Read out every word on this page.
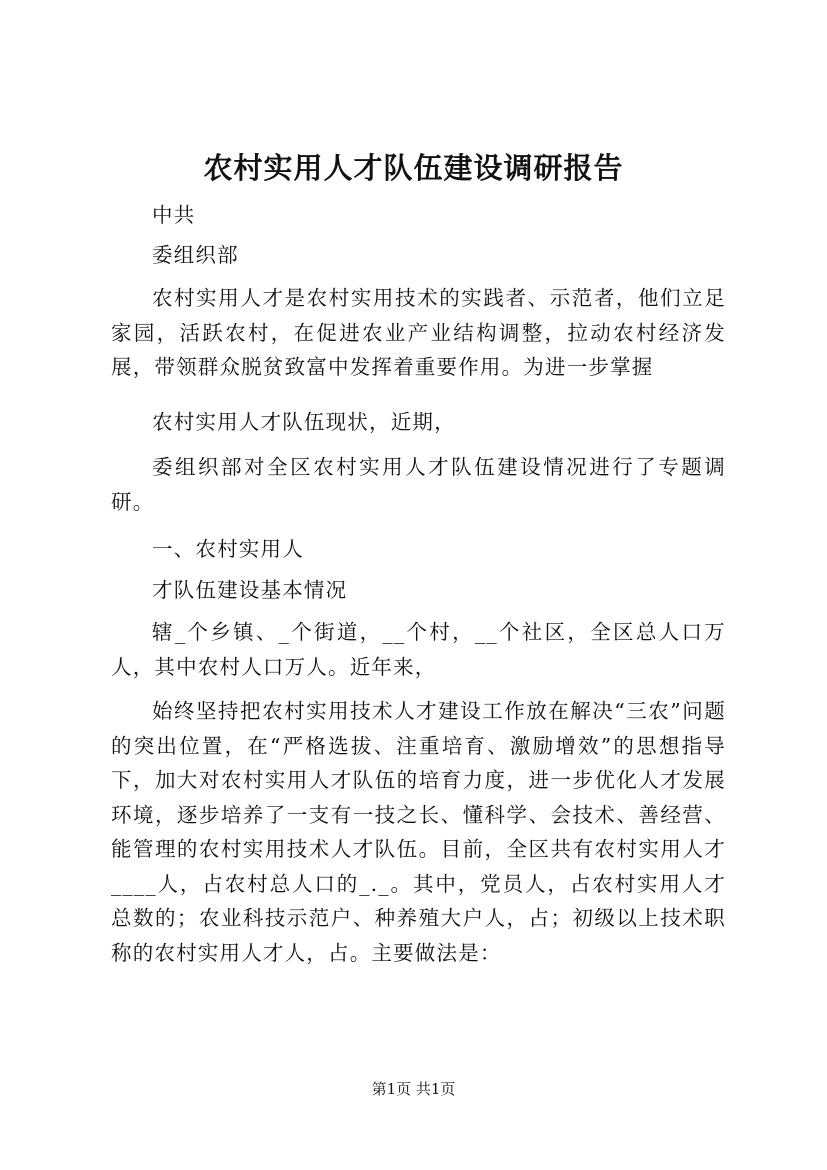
农村实用人才队伍建设调研报告

中共

委组织部

农村实用人才是农村实用技术的实践者、示范者，他们立足家园，活跃农村，在促进农业产业结构调整，拉动农村经济发展，带领群众脱贫致富中发挥着重要作用。为进一步掌握

农村实用人才队伍现状，近期，

委组织部对全区农村实用人才队伍建设情况进行了专题调研。

一、农村实用人

才队伍建设基本情况

辖_个乡镇、_个街道，__个村，__个社区，全区总人口万人，其中农村人口万人。近年来，

始终坚持把农村实用技术人才建设工作放在解决“三农”问题的突出位置，在“严格选拔、注重培育、激励增效”的思想指导下，加大对农村实用人才队伍的培育力度，进一步优化人才发展环境，逐步培养了一支有一技之长、懂科学、会技术、善经营、能管理的农村实用技术人才队伍。目前，全区共有农村实用人才____人，占农村总人口的_._。其中，党员人，占农村实用人才总数的；农业科技示范户、种养殖大户人，占；初级以上技术职称的农村实用人才人，占。主要做法是：

第1页 共1页
